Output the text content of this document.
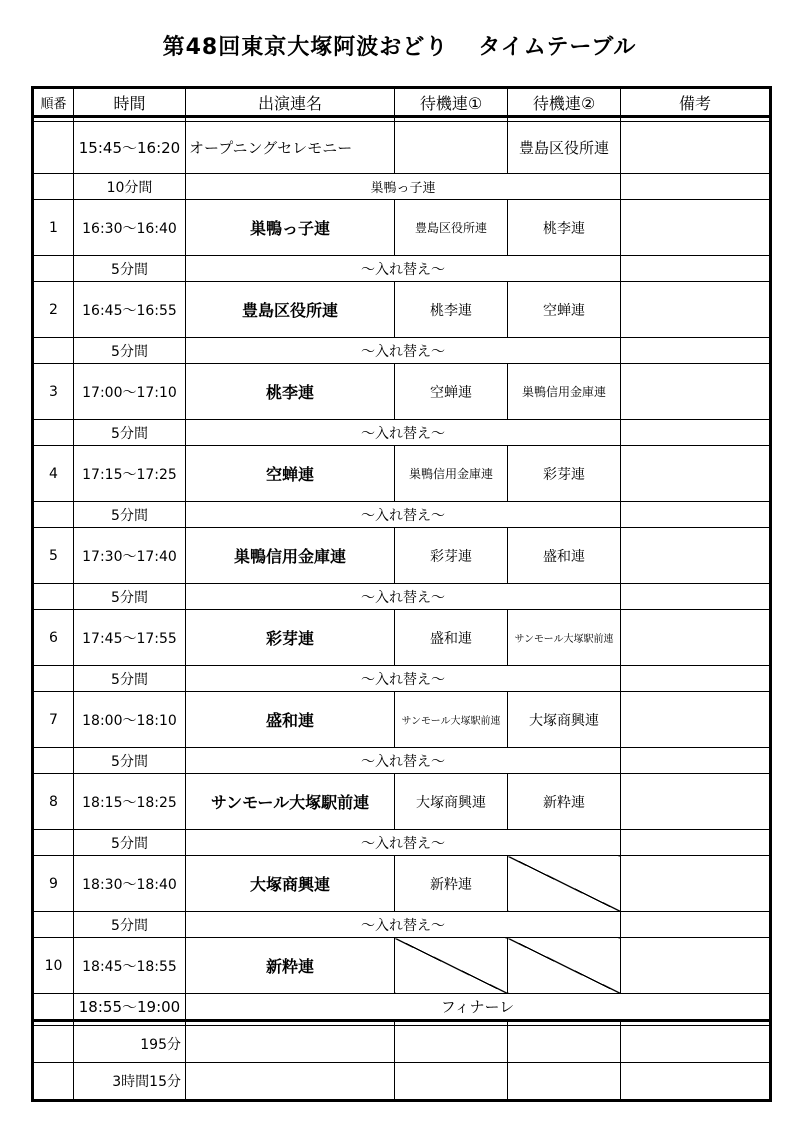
第48回東京大塚阿波おどり タイムテーブル
順番	時間	出演連名	待機連①	待機連②	備考

	15:45～16:20	オープニングセレモニー		豊島区役所連	
	10分間	巣鴨っ子連			
1	16:30～16:40	巣鴨っ子連	豊島区役所連	桃李連	
	5分間	～入れ替え～			
2	16:45～16:55	豊島区役所連	桃李連	空蝉連	
	5分間	～入れ替え～			
3	17:00～17:10	桃李連	空蝉連	巣鴨信用金庫連	
	5分間	～入れ替え～			
4	17:15～17:25	空蝉連	巣鴨信用金庫連	彩芽連	
	5分間	～入れ替え～			
5	17:30～17:40	巣鴨信用金庫連	彩芽連	盛和連	
	5分間	～入れ替え～			
6	17:45～17:55	彩芽連	盛和連	サンモール大塚駅前連	
	5分間	～入れ替え～			
7	18:00～18:10	盛和連	サンモール大塚駅前連	大塚商興連	
	5分間	～入れ替え～			
8	18:15～18:25	サンモール大塚駅前連	大塚商興連	新粋連	
	5分間	～入れ替え～			
9	18:30～18:40	大塚商興連	新粋連		
	5分間	～入れ替え～			
10	18:45～18:55	新粋連			
	18:55～19:00	フィナーレ			

	195分				
	3時間15分				
